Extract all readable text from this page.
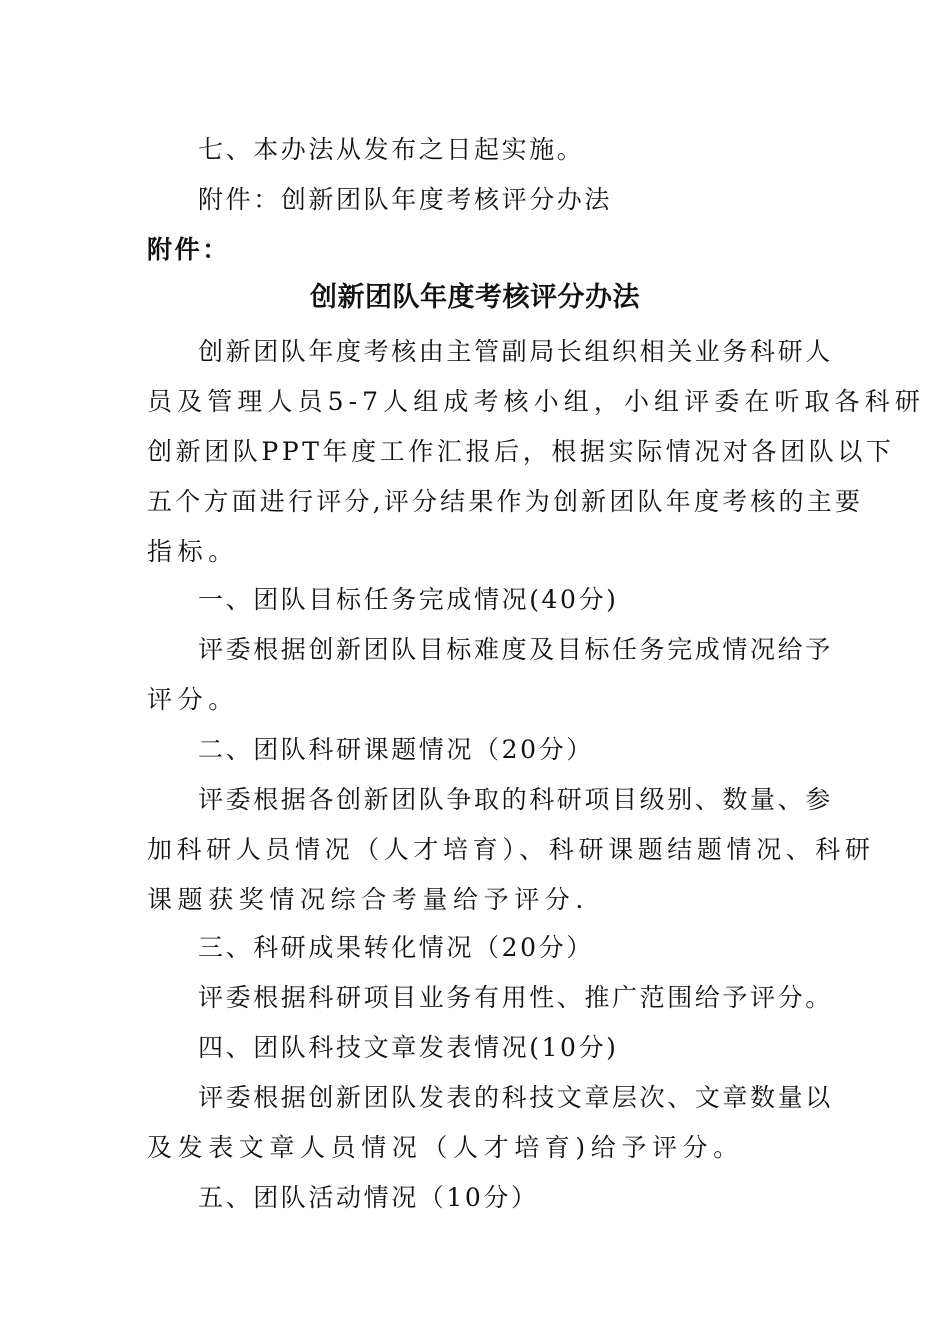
七、本办法从发布之日起实施。
附件：创新团队年度考核评分办法
附件：
创新团队年度考核评分办法
创新团队年度考核由主管副局长组织相关业务科研人
员及管理人员5-7人组成考核小组，小组评委在听取各科研
创新团队PPT年度工作汇报后，根据实际情况对各团队以下
五个方面进行评分,评分结果作为创新团队年度考核的主要
指标。
一、团队目标任务完成情况(40分)
评委根据创新团队目标难度及目标任务完成情况给予
评分。
二、团队科研课题情况（20分）
评委根据各创新团队争取的科研项目级别、数量、参
加科研人员情况（人才培育）、科研课题结题情况、科研
课题获奖情况综合考量给予评分.
三、科研成果转化情况（20分）
评委根据科研项目业务有用性、推广范围给予评分。
四、团队科技文章发表情况(10分)
评委根据创新团队发表的科技文章层次、文章数量以
及发表文章人员情况（人才培育)给予评分。
五、团队活动情况（10分）
